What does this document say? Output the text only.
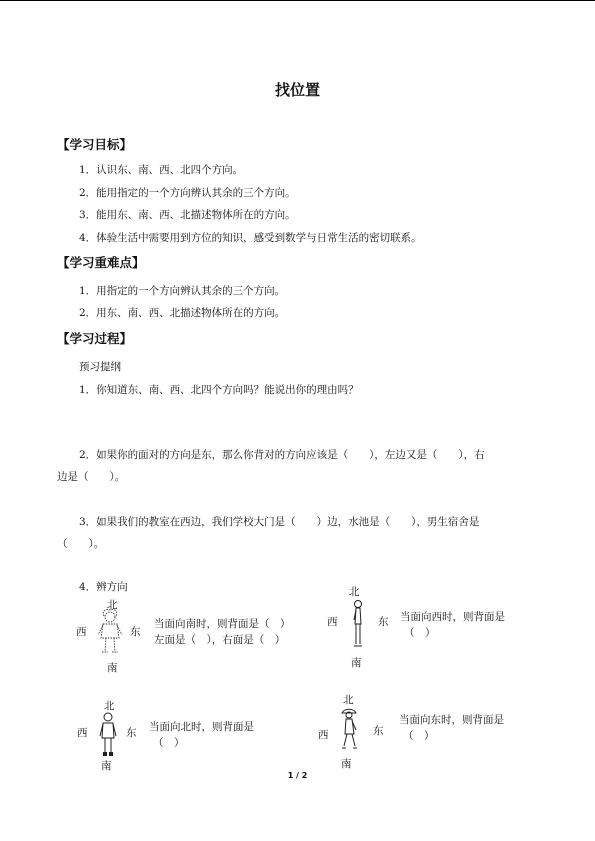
找位置
【学习目标】
1．认识东、南、西、北四个方向。
2．能用指定的一个方向辨认其余的三个方向。
3．能用东、南、西、北描述物体所在的方向。
4．体验生活中需要用到方位的知识，感受到数学与日常生活的密切联系。
【学习重难点】
1．用指定的一个方向辨认其余的三个方向。
2．用东、南、西、北描述物体所在的方向。
【学习过程】
预习提纲
1．你知道东、南、西、北四个方向吗？能说出你的理由吗？
2．如果你的面对的方向是东，那么你背对的方向应该是（　　），左边又是（　　），右
边是（　　）。
3．如果我们的教室在西边，我们学校大门是（　　）边，水池是（　　），男生宿舍是
（　　）。
4．辨方向
北
西	东
南
当面向南时，则背面是（　）
左面是（　），右面是（　）
北
西	东
南
当面向西时，则背面是
（　）
北
西	东
南
当面向北时，则背面是
（　）
北
西	东
南
当面向东时，则背面是
（　）
1 / 2
